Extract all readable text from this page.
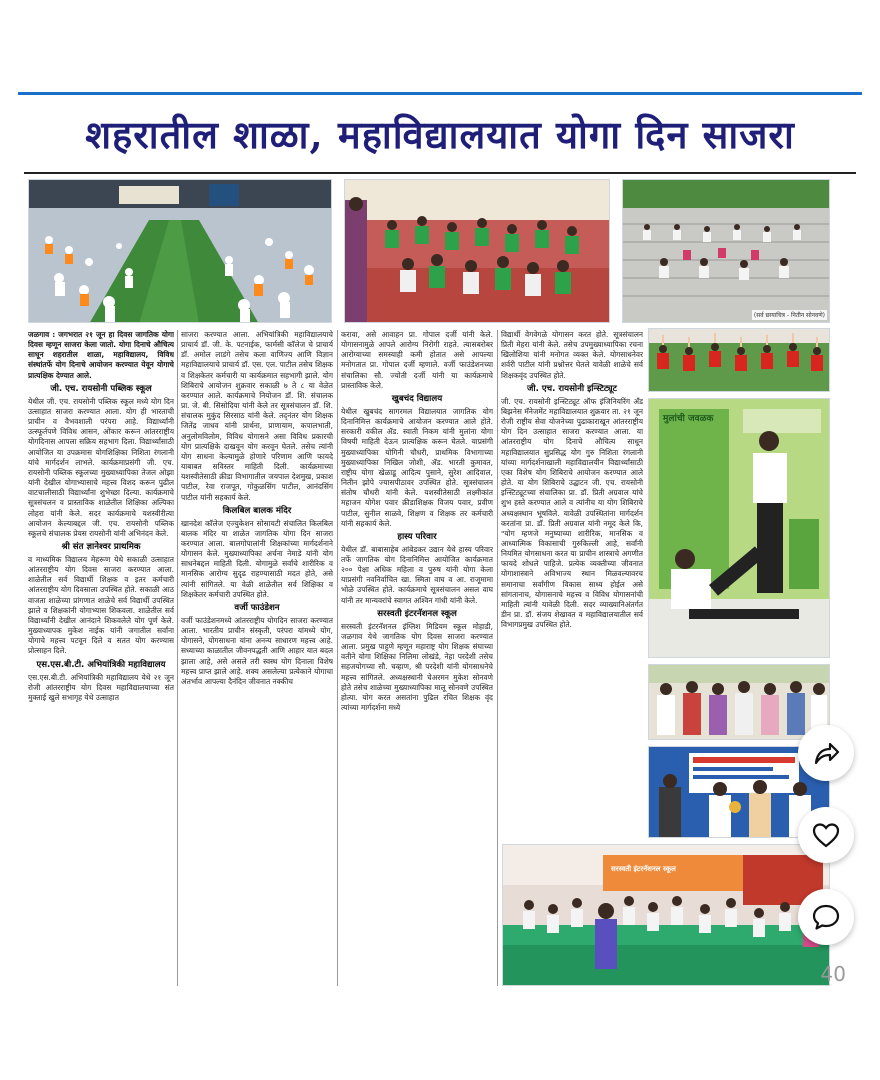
शहरातील शाळा, महाविद्यालयात योगा दिन साजरा
(सर्व छायाचित्र - नितीन सोनवणे)

जळगाव : जगभरात २१ जून हा दिवस जागतिक योगा दिवस म्हणून साजरा केला जातो. योगा दिनाचे औचित्य साधून शहरातील शाळा, महाविद्यालय, विविध संस्थांतर्फे योग दिनाचे आयोजन करण्यात येवून योगाचे प्रात्यक्षिक देण्यात आले.

जी. एच. रायसोनी पब्लिक स्कूल

येथील जी. एच. रायसोनी पब्लिक स्कूल मध्ये योग दिन उत्साहात साजरा करण्यात आला. योग ही भारताची प्राचीन व वैभवशाली परंपरा आहे. विद्यार्थ्यांनी उत्स्फूर्तपणे विविध आसन, ओंकार करून आंतरराष्ट्रीय योगदिनास आपला सक्रिय सहभाग दिला. विद्यार्थ्यांसाठी आयोजित या उपक्रमास योगशिक्षिका निशिता रंगलानी यांचे मार्गदर्शन लाभले. कार्यक्रमाप्रसंगी जी. एच. रायसोनी पब्लिक स्कूलच्या मुख्याध्यापिका तेजल ओझा यांनी देखील योगाभ्यासाचे महत्त्व विशद करून पुढील वाटचालीसाठी विद्यार्थ्यांना शुभेच्छा दिल्या. कार्यक्रमाचे सूत्रसंचलन व प्रास्ताविक शाळेतील शिक्षिका अल्पिका लोहरा यांनी केले. सदर कार्यक्रमाचे यशस्वीरीत्या आयोजन केल्याबद्दल जी. एच. रायसोनी पब्लिक स्कूलचे संचालक प्रेयस रायसोनी यांनी अभिनंदन केले.

श्री संत ज्ञानेश्वर प्राथमिक

व माध्यमिक विद्यालय मेहरूण येथे सकाळी उत्साहात आंतरराष्ट्रीय योग दिवस साजरा करण्यात आला. शाळेतील सर्व विद्यार्थी शिक्षक व इतर कर्मचारी आंतरराष्ट्रीय योग दिवसाला उपस्थित होते. सकाळी आठ वाजता शाळेच्या प्रांगणात शाळेचे सर्व विद्यार्थी उपस्थित झाले व शिक्षकांनी योगाभ्यास शिकवला. शाळेतील सर्व विद्यार्थ्यांनी देखील आनंदाने शिकवलेले योग पूर्ण केले. मुख्याध्यापक मुकेश नाईक यांनी जगातील सर्वांना योगाचे महत्त्व पटवून दिले व सतत योग करण्यास प्रोत्साहन दिले.

एस.एस.बी.टी. अभियांत्रिकी महाविद्यालय

एस.एस.बी.टी. अभियांत्रिकी महाविद्यालय येथे २१ जून रोजी आंतरराष्ट्रीय योग दिवस महाविद्यालयाच्या संत मुक्ताई खुले सभागृह येथे उत्साहात

साजरा करण्यात आला. अभियांत्रिकी महाविद्यालयाचे प्राचार्य डॉ. जी. के. पटनाईक, फार्मसी कॉलेज चे प्राचार्य डॉ. अमोल लाडंगे तसेच कला वाणिज्य आणि विज्ञान महाविद्यालयाचे प्राचार्य डॉ. एस. एल. पाटील तसेच शिक्षक व शिक्षकेतर कर्मचारी या कार्यक्रमात सहभागी झाले. योग शिबिराचे आयोजन शुक्रवार सकाळी ७ ते ८ या वेळेत करण्यात आले. कार्यक्रमाचे नियोजन डॉ. शि. संचालक प्रा. जे. बी. सिसोदिया यांनी केले तर सूत्रसंचालन डॉ. शि. संचालक मुकुंद सिरसाठ यांनी केले. तद्नंतर योग शिक्षक जितेंद्र जाधव यांनी प्रार्थना, प्राणायाम, कपालभाती, अनुलोमविलोम, विविध योगासने असा विविध प्रकारची योग प्रात्यक्षिके दाखवून योग करवून घेतले. तसेच त्यांनी योग साधना केल्यामुळे होणारे परिणाम आणि फायदे याबाबत सविस्तर माहिती दिली. कार्यक्रमाच्या यशस्वीतेसाठी क्रीडा विभागातील जयपाल देशमुख, प्रकाश पाटील, रेवा राजपूत, गोकुळसिंग पाटील, आनंदसिंग पाटील यांनी सहकार्य केले.

किलबिल बालक मंदिर

खानदेश कॉलेज एज्युकेशन सोसायटी संचालित किलबिल बालक मंदिर या शाळेत जागतिक योगा दिन साजरा करण्यात आला. बालगोपालांनी शिक्षकांच्या मार्गदर्शनाने योगासन केले. मुख्याध्यापिका अर्चना नेमाडे यांनी योग साधनेबद्दल माहिती दिली. योगामुळे सर्वांचे शारीरिक व मानसिक आरोग्य सुदृढ राहण्यासाठी मदत होते, असे त्यांनी सांगितले. या वेळी शाळेतील सर्व शिक्षिका व शिक्षकेतर कर्मचारी उपस्थित होते.

वर्जी फाउंडेशन

वर्जी फाउंडेशनमध्ये आंतरराष्ट्रीय योगदिन साजरा करण्यात आला. भारतीय प्राचीन संस्कृती, परंपरा यांमध्ये योग, योगासने, योगसाधना यांना अनन्य साधारण महत्त्व आहे. सध्याच्या काळातील जीवनपद्धती आणि आहार यात बदल झाला आहे, असे असले तरी स्वस्थ योग दिनाला विशेष महत्त्व प्राप्त झाले आहे. शक्य असलेल्या प्रत्येकाने योगाचा अंतर्भाव आपल्या दैनंदिन जीवनात नक्कीच

करावा, असे आवाहन प्रा. गोपाल दर्जी यांनी केले. योगासनामुळे आपले आरोग्य निरोगी राहते. त्यासबरोबर आरोग्याच्या समस्याही कमी होतात असे आपल्या मनोगतात प्रा. गोपाल दर्जी म्हणाले. वर्जी फाउंडेशनच्या संचालिका सौ. ज्योती दर्जी यांनी या कार्यक्रमाचे प्रास्ताविक केले.

खुबचंद विद्यालय

येथील खुबचंद सागरमल विद्यालयात जागतिक योग दिनानिमित्त कार्यक्रमाचे आयोजन करण्यात आले होते. सरकारी वकील ॲड. स्वाती निकम यांनी मुलांना योगा विषयी माहिती देऊन प्रात्यक्षिक करून घेतले. याप्रसंगी मुख्याध्यापिका योगिनी चौधरी, प्राथमिक विभागाच्या मुख्याध्यापिका निखिल जोशी, ॲड. भारती कुमावत, राष्ट्रीय योगा खेळाडू आदित्य पुसाने, सुरेश आदिवाल, नितीन झोपे ज्यासपीठावर उपस्थित होते. सूत्रसंचालन संतोष चौधरी यांनी केले. यशस्वीतेसाठी लक्ष्मीकांत महाजन योगेश पवार क्रीडाशिक्षक विजय पवार, प्रवीण पाटील, सुनील साळवे, शिक्षण व शिक्षक तर कर्मचारी यांनी सहकार्य केले.

हास्य परिवार

येथील डॉ. बाबासाहेब आंबेडकर उद्यान येथे हास्य परिवार तर्फे जागतिक योग दिनानिमित्त आयोजित कार्यक्रमात २०० पेक्षा अधिक महिला व पुरुष यांनी योगा केला याप्रसंगी नवनिर्वाचित खा. स्मिता वाघ व आ. राजूमामा भोळे उपस्थित होते. कार्यक्रमाचे सूत्रसंचालन असल वाघ यांनी तर मान्यवरांचे स्वागत अश्विन गांधी यांनी केले.

सरस्वती इंटरनॅशनल स्कूल

सरस्वती इंटरनॅशनल इंग्लिश मिडियम स्कूल मोहाडी, जळगाव येथे जागतिक योग दिवस साजरा करण्यात आला. प्रमुख पाहुणे म्हणून महाराष्ट्र योग शिक्षक संघाच्या वतीने योगा शिक्षिका निलिमा लोखंडे, नेहा परदेशी तसेच सहजयोगच्या सौ. चव्हाण, श्री परदेशी यांनी योगसाधनेचे महत्त्व सांगितले. अध्यक्षस्थानी चेअरमन मुकेश सोनवणे होते तसेच शाळेच्या मुख्याध्यापिका मालू सोनवणे उपस्थित होत्या. योग करत असतांना पुढिल रचित शिक्षक वृंद त्यांच्या मार्गदर्शना मध्ये

विद्यार्थी वेगवेगळे योगासन करत होते. सूत्रसंचालन प्रिती मेहरा यांनी केले. तसेच उपमुख्याध्यापिका रचना खिलोशिया यांनी मनोगत व्यक्त केले. योगसाधनेवर शर्वरी पाटील यांनी प्रश्नोत्तर घेतले यावेळी शाळेचे सर्व शिक्षकवृंद उपस्थित होते.

जी. एच. रायसोनी इन्स्टिट्यूट

जी. एच. रायसोनी इन्स्टिट्यूट ऑफ इंजिनियरिंग अँड बिझनेस मॅनेजमेंट महाविद्यालयात शुक्रवार ता. २१ जून रोजी राष्ट्रीय सेवा योजनेच्या पुढाकाराखून आंतरराष्ट्रीय योग दिन उत्साहात साजरा करण्यात आला. या आंतरराष्ट्रीय योग दिनाचे औचित्य साधून महाविद्यालयात सुप्रसिद्ध योग गुरु निशिता रंगलानी यांच्या मार्गदर्शनाखाली महाविद्यालयीन विद्यार्थ्यांसाठी एका विशेष योग शिबिराचे आयोजन करण्यात आले होते. या योग शिबिराचे उद्घाटन जी. एच. रायसोनी इन्स्टिट्यूटच्या संचालिका प्रा. डॉ. प्रिती अग्रवाल यांचे शुभ हस्ते करण्यात आले व त्यांनीच या योग शिबिराचे अध्यक्षस्थान भूषविले. यावेळी उपस्थितांना मार्गदर्शन करतांना प्रा. डॉ. प्रिती अग्रवाल यांनी नमूद केले कि, "योग म्हणजे मनुष्याच्या शारीरिक, मानसिक व आध्यात्मिक विकासाची गुरुकिल्ली आहे, सर्वांनी नियमित योगसाधना करत या प्राचीन शास्त्राचे अगणीत फायदे शोधले पाहिजे. प्रत्येक व्यक्तीच्या जीवनात योगाशास्त्राने अविभाज्य स्थान मिळवल्यावरच समानाचा सर्वांगीण विकास साध्य होईल असे सांगतानाच, योगासनाचे महत्त्व व विविध योगासनांची माहिती त्यांनी यावेळी दिली. सदर व्याख्यानिअंतर्गत डीन प्रा. डॉ. संजय शेखावत व महाविद्यालयातील सर्व विभागप्रमुख उपस्थित होते.

मुलांची जवळक
सरस्वती इंटरनॅशनल स्कूल
40
